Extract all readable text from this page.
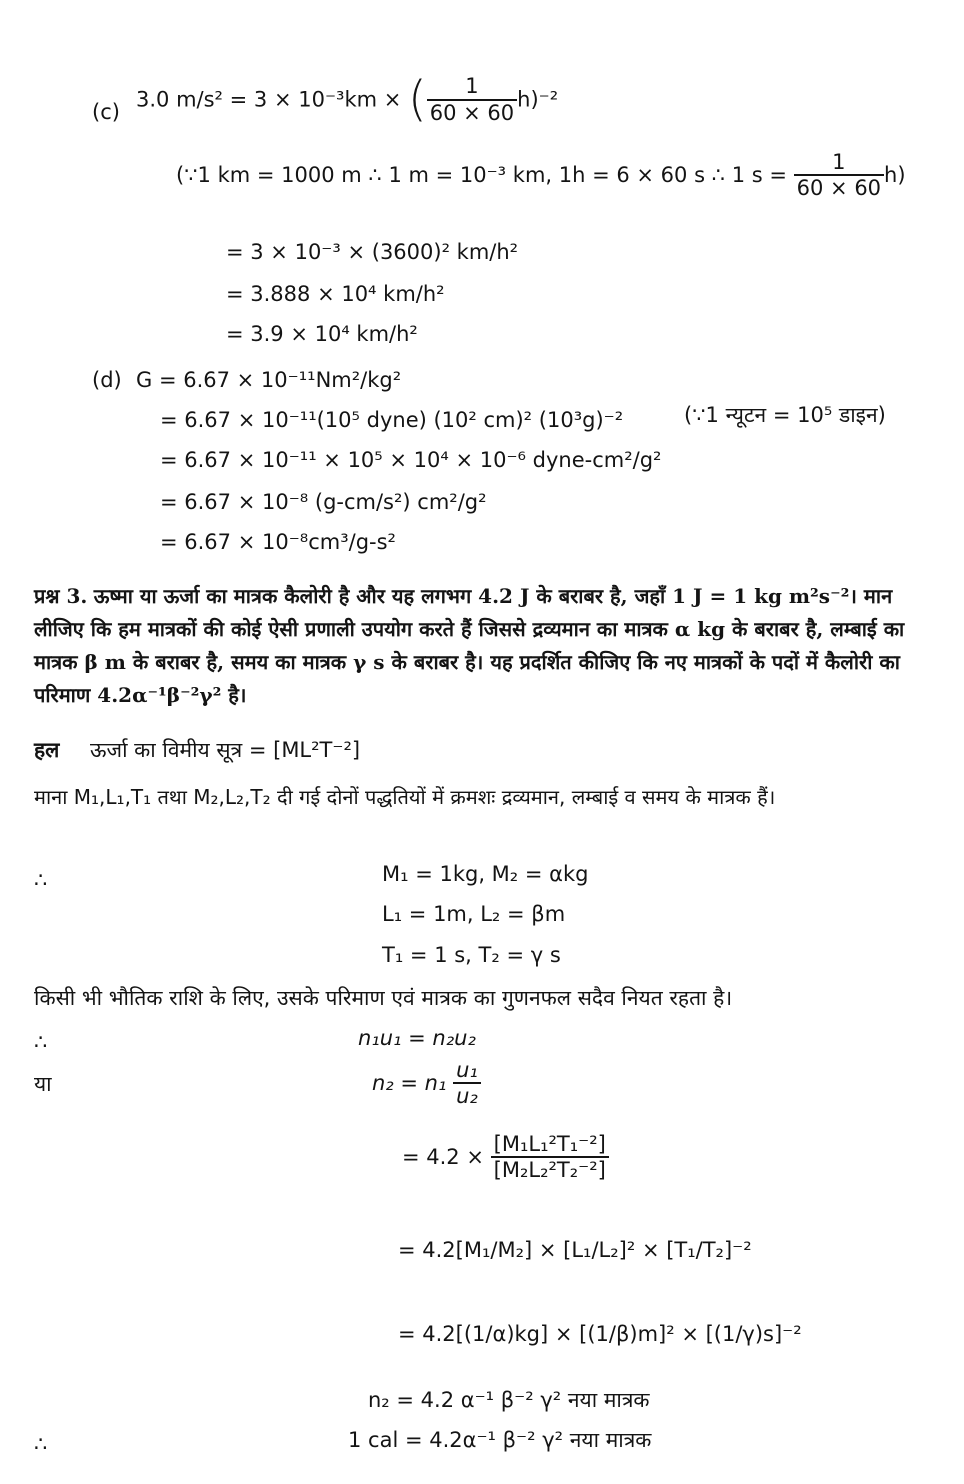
(c)
3.0 m/s² = 3 × 10⁻³km × ( $\frac{1}{60 \times 60} h)^{-2}$
(∵1 km = 1000 m ∴ 1 m = 10⁻³ km, 1h = 6 × 60 s ∴ 1 $s = \frac{1}{60 \times 60} h$)
= 3 × 10⁻³ × (3600)² km/h²
= 3.888 × 10⁴ km/h²
= 3.9 × 10⁴ km/h²
(d) G = 6.67 × 10⁻¹¹Nm²/kg²
= 6.67 × 10⁻¹¹(10⁵ dyne) (10² cm)² (10³g)⁻²	(∵1 न्यूटन = 10⁵ डाइन)
= 6.67 × 10⁻¹¹ × 10⁵ × 10⁴ × 10⁻⁶ dyne-cm²/g²
= 6.67 × 10⁻⁸ (g-cm/s²) cm²/g²
= 6.67 × 10⁻⁸cm³/g-s²
प्रश्न 3. ऊष्मा या ऊर्जा का मात्रक कैलोरी है और यह लगभग 4.2 J के बराबर है, जहाँ 1 J = 1 kg m²s⁻²। मान लीजिए कि हम मात्रकों की कोई ऐसी प्रणाली उपयोग करते हैं जिससे द्रव्यमान का मात्रक α kg के बराबर है, लम्बाई का मात्रक β m के बराबर है, समय का मात्रक γ s के बराबर है। यह प्रदर्शित कीजिए कि नए मात्रकों के पदों में कैलोरी का परिमाण 4.2α⁻¹β⁻²γ² है।
हल ऊर्जा का विमीय सूत्र = [ML²T⁻²]
माना M₁,L₁,T₁ तथा M₂,L₂,T₂ दी गई दोनों पद्धतियों में क्रमशः द्रव्यमान, लम्बाई व समय के मात्रक हैं।
∴	M₁ = 1kg, M₂ = αkg
L₁ = 1m, L₂ = βm
T₁ = 1 s, T₂ = γ s
किसी भी भौतिक राशि के लिए, उसके परिमाण एवं मात्रक का गुणनफल सदैव नियत रहता है।
∴	n₁u₁ = n₂u₂
या	$n_2 = n_1 \frac{\text{u₁}}{\text{u₂}}$
= $4.2 \times \frac{\text{[M₁L₁²T₁⁻²]}}{\text{[M₂L₂²T₂⁻²]}}$
= 4.2[M₁/M₂] × [L₁/L₂]² × [T₁/T₂]⁻²
= 4.2[(1/α)kg] × [(1/β)m]² × [(1/γ)s]⁻²
n₂ = 4.2 α⁻¹ β⁻² γ² नया मात्रक
∴	1 cal = 4.2α⁻¹ β⁻² γ² नया मात्रक
